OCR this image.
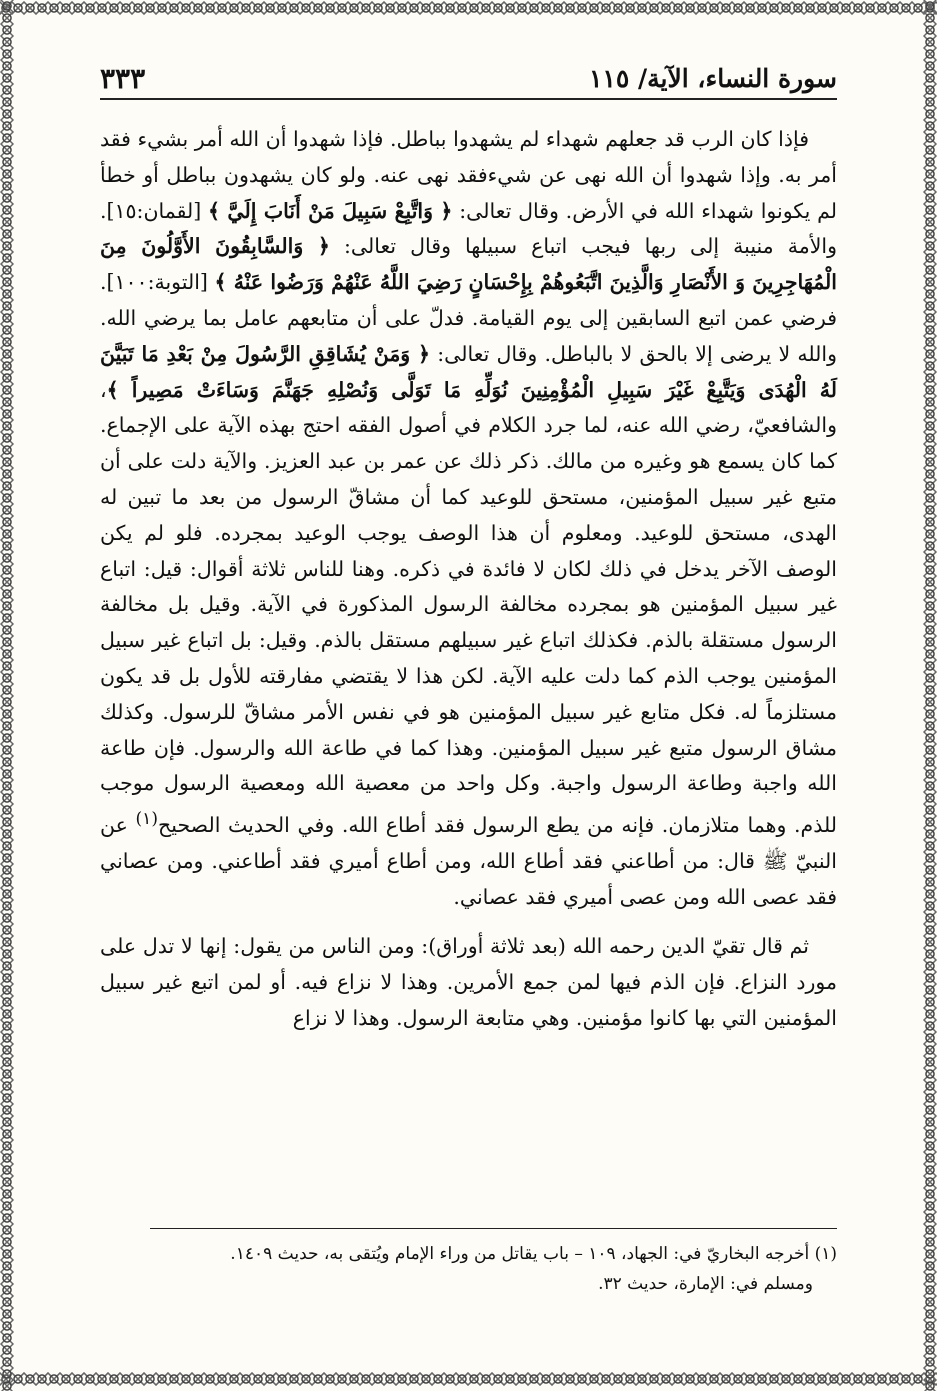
سورة النساء، الآية/ ١١٥
٣٣٣

فإذا كان الرب قد جعلهم شهداء لم يشهدوا بباطل. فإذا شهدوا أن الله أمر بشيء فقد أمر به. وإذا شهدوا أن الله نهى عن شيءفقد نهى عنه. ولو كان يشهدون بباطل أو خطأ لم يكونوا شهداء الله في الأرض. وقال تعالى: ﴿ وَاتَّبِعْ سَبِيلَ مَنْ أَنَابَ إِلَيَّ ﴾ [لقمان:١٥]. والأمة منيبة إلى ربها فيجب اتباع سبيلها وقال تعالى: ﴿ وَالسَّابِقُونَ الأَوَّلُونَ مِنَ الْمُهَاجِرِينَ وَ الأَنْصَارِ وَالَّذِينَ اتَّبَعُوهُمْ بِإِحْسَانٍ رَضِيَ اللَّهُ عَنْهُمْ وَرَضُوا عَنْهُ ﴾ [التوبة:١٠٠]. فرضي عمن اتبع السابقين إلى يوم القيامة. فدلّ على أن متابعهم عامل بما يرضي الله. والله لا يرضى إلا بالحق لا بالباطل. وقال تعالى: ﴿ وَمَنْ يُشَاقِقِ الرَّسُولَ مِنْ بَعْدِ مَا تَبَيَّنَ لَهُ الْهُدَى وَيَتَّبِعْ غَيْرَ سَبِيلِ الْمُؤْمِنِينَ نُوَلِّهِ مَا تَوَلَّى وَنُصْلِهِ جَهَنَّمَ وَسَاءَتْ مَصِيراً ﴾، والشافعيّ، رضي الله عنه، لما جرد الكلام في أصول الفقه احتج بهذه الآية على الإجماع. كما كان يسمع هو وغيره من مالك. ذكر ذلك عن عمر بن عبد العزيز. والآية دلت على أن متبع غير سبيل المؤمنين، مستحق للوعيد كما أن مشاقّ الرسول من بعد ما تبين له الهدى، مستحق للوعيد. ومعلوم أن هذا الوصف يوجب الوعيد بمجرده. فلو لم يكن الوصف الآخر يدخل في ذلك لكان لا فائدة في ذكره. وهنا للناس ثلاثة أقوال: قيل: اتباع غير سبيل المؤمنين هو بمجرده مخالفة الرسول المذكورة في الآية. وقيل بل مخالفة الرسول مستقلة بالذم. فكذلك اتباع غير سبيلهم مستقل بالذم. وقيل: بل اتباع غير سبيل المؤمنين يوجب الذم كما دلت عليه الآية. لكن هذا لا يقتضي مفارقته للأول بل قد يكون مستلزماً له. فكل متابع غير سبيل المؤمنين هو في نفس الأمر مشاقّ للرسول. وكذلك مشاق الرسول متبع غير سبيل المؤمنين. وهذا كما في طاعة الله والرسول. فإن طاعة الله واجبة وطاعة الرسول واجبة. وكل واحد من معصية الله ومعصية الرسول موجب للذم. وهما متلازمان. فإنه من يطع الرسول فقد أطاع الله. وفي الحديث الصحيح$^{(١)}$ عن النبيّ ﷺ قال: من أطاعني فقد أطاع الله، ومن أطاع أميري فقد أطاعني. ومن عصاني فقد عصى الله ومن عصى أميري فقد عصاني.

ثم قال تقيّ الدين رحمه الله (بعد ثلاثة أوراق): ومن الناس من يقول: إنها لا تدل على مورد النزاع. فإن الذم فيها لمن جمع الأمرين. وهذا لا نزاع فيه. أو لمن اتبع غير سبيل المؤمنين التي بها كانوا مؤمنين. وهي متابعة الرسول. وهذا لا نزاع

(١) أخرجه البخاريّ في: الجهاد، ١٠٩ – باب يقاتل من وراء الإمام ويُتقى به، حديث ١٤٠٩.

ومسلم في: الإمارة، حديث ٣٢.
